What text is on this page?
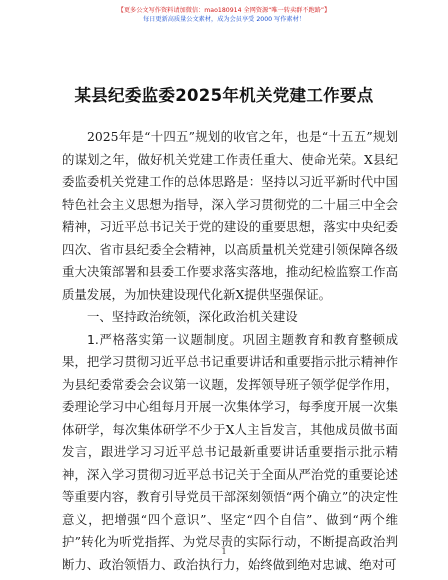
【更多公文写作资料请加微信：mao180914 全网资源“唯一转卖群不跑路”】
每日更新高质量公文素材，成为会员享受 2000 写作素材！
某县纪委监委2025年机关党建工作要点

2025年是“十四五”规划的收官之年，也是“十五五”规划的谋划之年，做好机关党建工作责任重大、使命光荣。X县纪委监委机关党建工作的总体思路是：坚持以习近平新时代中国特色社会主义思想为指导，深入学习贯彻党的二十届三中全会精神，习近平总书记关于党的建设的重要思想，落实中央纪委四次、省市县纪委全会精神，以高质量机关党建引领保障各级重大决策部署和县委工作要求落实落地，推动纪检监察工作高质量发展，为加快建设现代化新X提供坚强保证。

一、坚持政治统领，深化政治机关建设

1.严格落实第一议题制度。巩固主题教育和教育整顿成果，把学习贯彻习近平总书记重要讲话和重要指示批示精神作为县纪委常委会会议第一议题，发挥领导班子领学促学作用，委理论学习中心组每月开展一次集体学习，每季度开展一次集体研学，每次集体研学不少于X人主旨发言，其他成员做书面发言，跟进学习习近平总书记最新重要讲话重要指示批示精神，深入学习贯彻习近平总书记关于全面从严治党的重要论述等重要内容，教育引导党员干部深刻领悟“两个确立”的决定性意义，把增强“四个意识”、坚定“四个自信”、做到“两个维护”转化为听党指挥、为党尽责的实际行动，不断提高政治判断力、政治领悟力、政治执行力，始终做到绝对忠诚、绝对可

1
